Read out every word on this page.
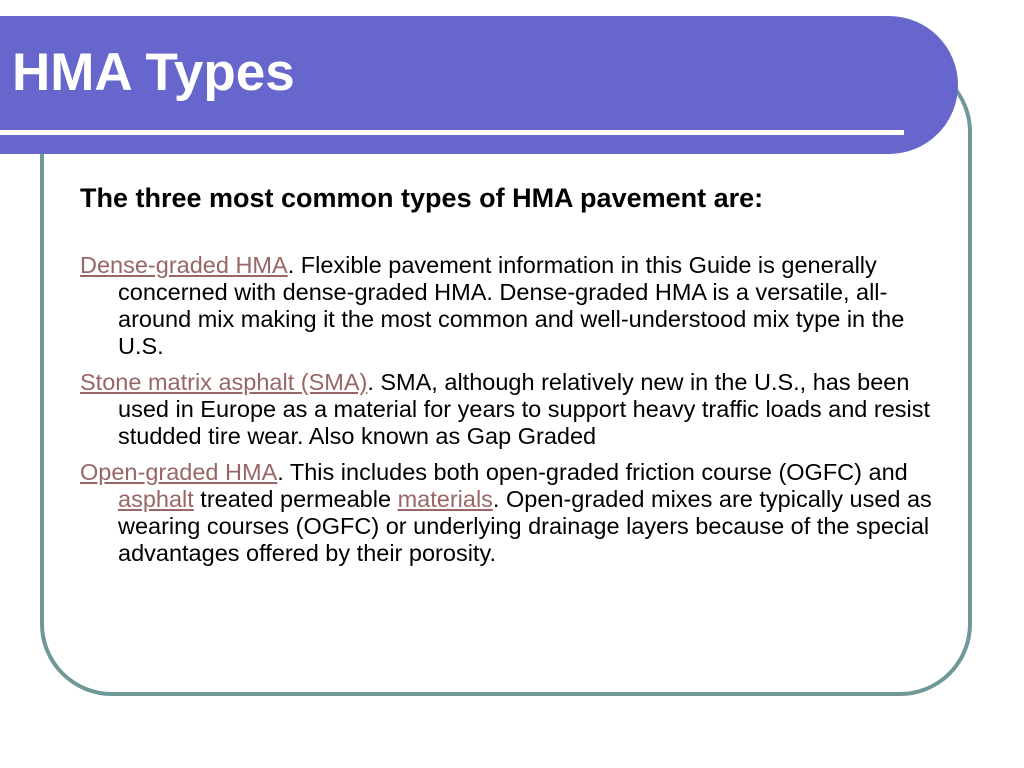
HMA Types

The three most common types of HMA pavement are:

Dense-graded HMA. Flexible pavement information in this Guide is generally concerned with dense-graded HMA. Dense-graded HMA is a versatile, all-around mix making it the most common and well-understood mix type in the U.S.

Stone matrix asphalt (SMA). SMA, although relatively new in the U.S., has been used in Europe as a material for years to support heavy traffic loads and resist studded tire wear. Also known as Gap Graded

Open-graded HMA. This includes both open-graded friction course (OGFC) and asphalt treated permeable materials. Open-graded mixes are typically used as wearing courses (OGFC) or underlying drainage layers because of the special advantages offered by their porosity.
